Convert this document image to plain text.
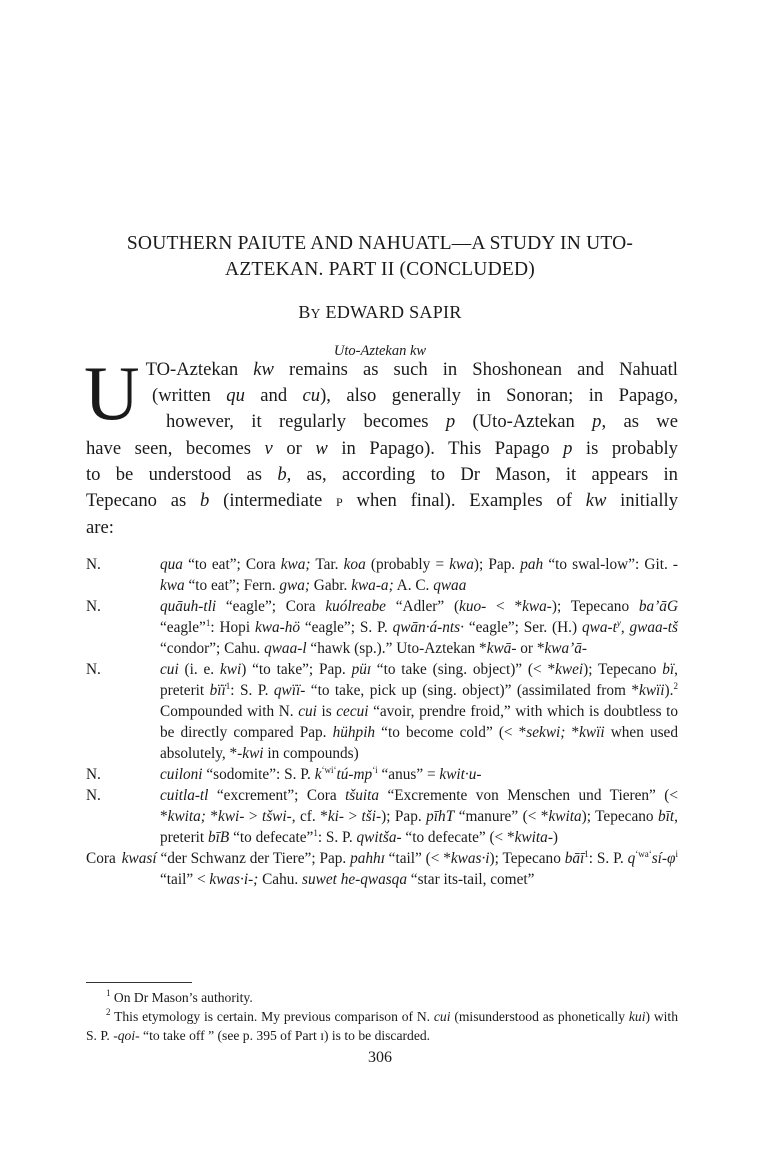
SOUTHERN PAIUTE AND NAHUATL—A STUDY IN UTO-
AZTEKAN. PART II (CONCLUDED)
BY EDWARD SAPIR
Uto-Aztekan kw
U TO-Aztekan kw remains as such in Shoshonean and Nahuatl
(written qu and cu), also generally in Sonoran; in Papago,
however, it regularly becomes p (Uto-Aztekan p, as we
have seen, becomes v or w in Papago). This Papago p is probably
to be understood as b, as, according to Dr Mason, it appears in
Tepecano as b (intermediate P when final). Examples of kw initially
are:
N.	qua “to eat”; Cora kwa; Tar. koa (probably = kwa); Pap. pah “to swal-low”: Git. -kwa “to eat”; Fern. gwa; Gabr. kwa-a; A. C. qwaa
N.	quāuh-tli “eagle”; Cora kuólreabe “Adler” (kuo- < *kwa-); Tepecano ba’āG “eagle”$^1$: Hopi kwa-hö “eagle”; S. P. qwān·á-nts· “eagle”; Ser. (H.) qwa-$t^y$, gwaa-tš “condor”; Cahu. qwaa-l “hawk (sp.).” Uto-Aztekan *kwā- or *kwa’ā-
N.	cui (i. e. kwi) “to take”; Pap. püɪ “to take (sing. object)” (< *kwei); Tepecano bï, preterit bïï$^1$: S. P. qwïï- “to take, pick up (sing. object)” (assimilated from *kwïi).$^2$ Compounded with N. cui is cecui “avoir, prendre froid,” with which is doubtless to be directly compared Pap. hühpih “to become cold” (< *sekwi; *kwïi when used absolutely, *-kwi in compounds)
N.	cuiloni “sodomite”: S. P. $k^{‘wi‘}tú-mp^{‘i}$ “anus” = kwit·u-
N.	cuitla-tl “excrement”; Cora tšuita “Excremente von Menschen und Tieren” (< *kwita; *kwi- > tšwi-, cf. *ki- > tši-); Pap. pīhT “manure” (< *kwita); Tepecano bīt, preterit bīB “to defecate”$^1$: S. P. qwitša- “to defecate” (< *kwita-)
Cora kwasí “der Schwanz der Tiere”; Pap. pahhɪ “tail” (< *kwas·i); Tepecano bāī$^1$: S. P. $q^{‘wa‘}sí-\varphi^i$ “tail” < kwas·i-; Cahu. suwet he-qwasqa “star its-tail, comet”
$^1$ On Dr Mason’s authority.
$^2$ This etymology is certain. My previous comparison of N. cui (misunderstood as phonetically kui) with S. P. -qoi- “to take off ” (see p. 395 of Part ɪ) is to be discarded.
306
